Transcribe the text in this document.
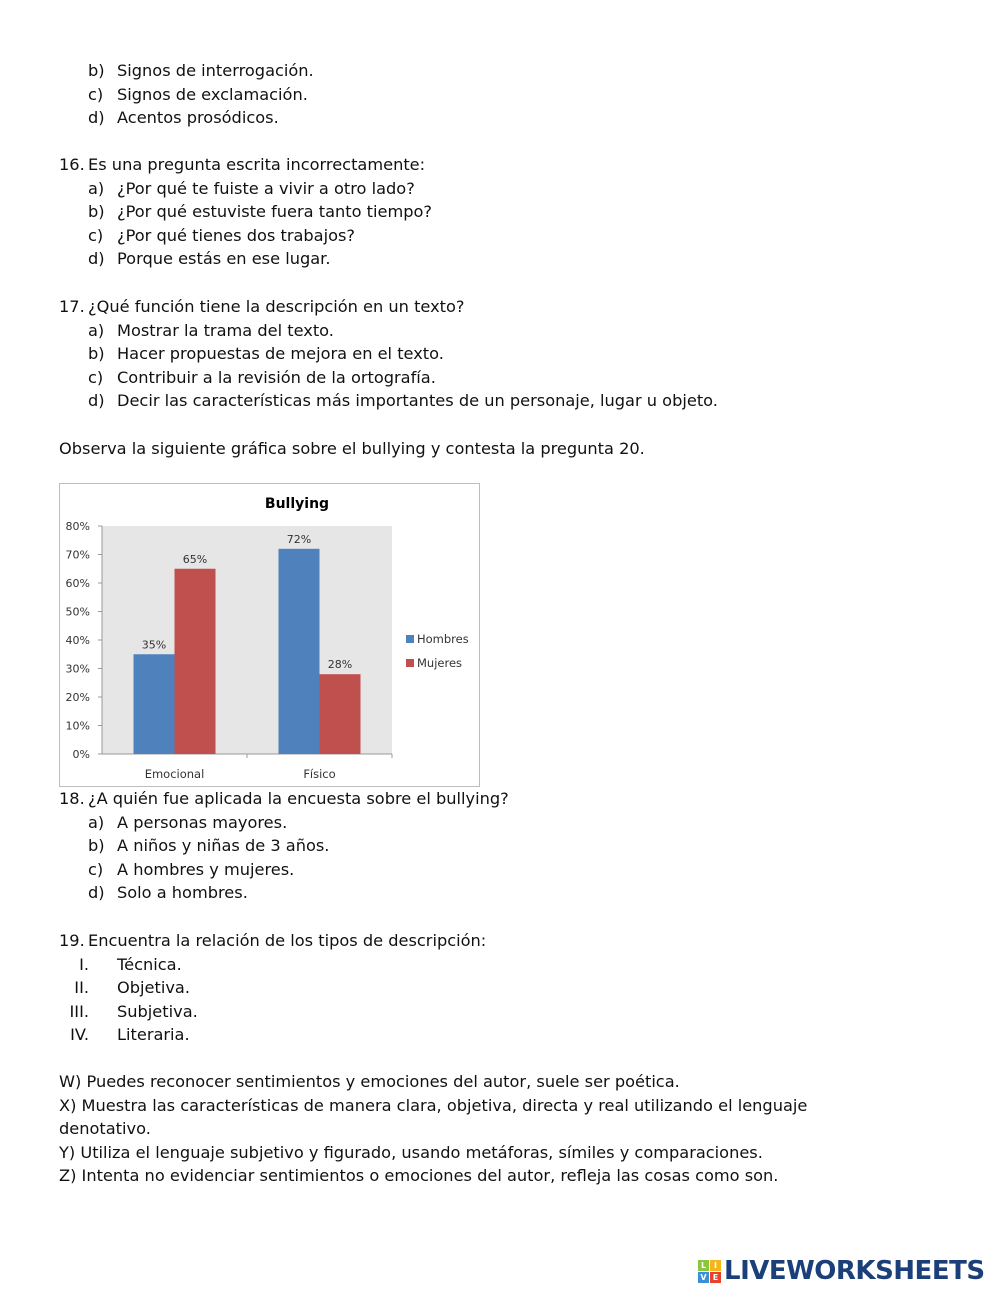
b) Signos de interrogación.
c) Signos de exclamación.
d) Acentos prosódicos.
16. Es una pregunta escrita incorrectamente:
a) ¿Por qué te fuiste a vivir a otro lado?
b) ¿Por qué estuviste fuera tanto tiempo?
c) ¿Por qué tienes dos trabajos?
d) Porque estás en ese lugar.
17. ¿Qué función tiene la descripción en un texto?
a) Mostrar la trama del texto.
b) Hacer propuestas de mejora en el texto.
c) Contribuir a la revisión de la ortografía.
d) Decir las características más importantes de un personaje, lugar u objeto.
Observa la siguiente gráfica sobre el bullying y contesta la pregunta 20.
Bullying
0%
10%
20%
30%
40%
50%
60%
70%
80%
Emocional
35%
65%
Físico
72%
28%
Hombres
Mujeres
18. ¿A quién fue aplicada la encuesta sobre el bullying?
a) A personas mayores.
b) A niños y niñas de 3 años.
c) A hombres y mujeres.
d) Solo a hombres.
19. Encuentra la relación de los tipos de descripción:
I. Técnica.
II. Objetiva.
III. Subjetiva.
IV. Literaria.
W) Puedes reconocer sentimientos y emociones del autor, suele ser poética.
X) Muestra las características de manera clara, objetiva, directa y real utilizando el lenguaje denotativo.
Y) Utiliza el lenguaje subjetivo y figurado, usando metáforas, símiles y comparaciones.
Z) Intenta no evidenciar sentimientos o emociones del autor, refleja las cosas como son.
L I
V E LIVEWORKSHEETS
